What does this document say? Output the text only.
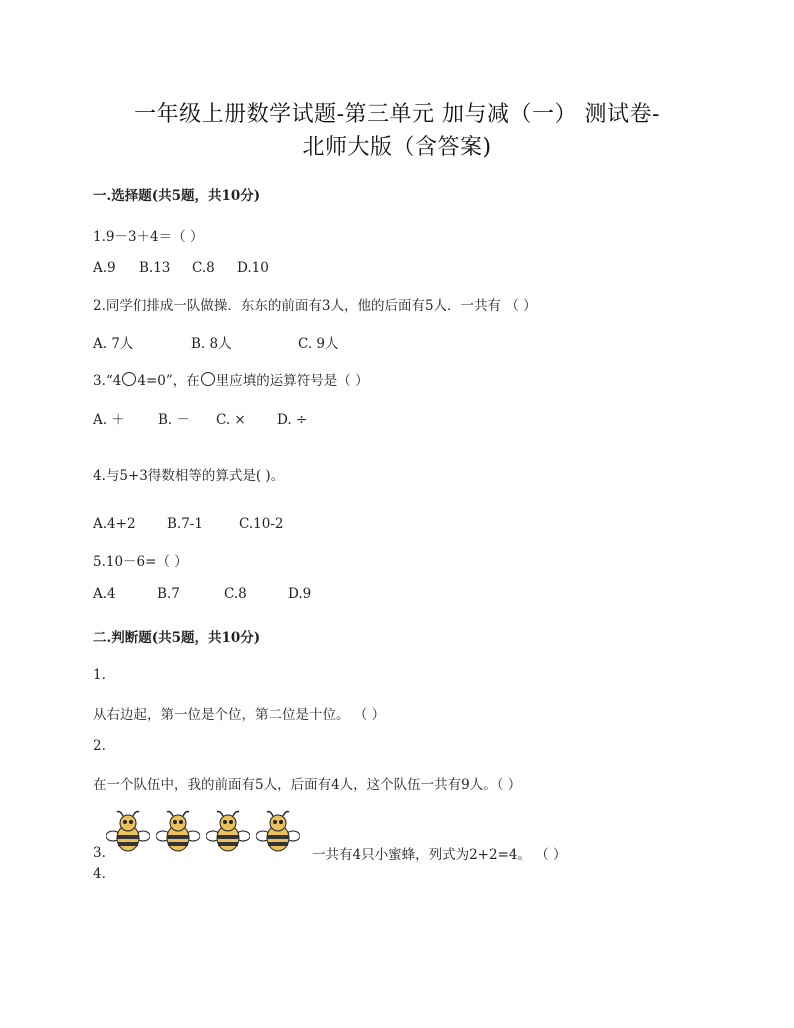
一年级上册数学试题-第三单元 加与减（一） 测试卷-
北师大版（含答案)
一.选择题(共5题，共10分)
1.9－3＋4＝（ ）
A.9 B.13 C.8 D.10
2.同学们排成一队做操．东东的前面有3人，他的后面有5人．一共有 （ ）
A. 7人	B. 8人	C. 9人
3.“4 4=0”，在 里应填的运算符号是（ ）
A. ＋ B. － C. × D. ÷
4.与5+3得数相等的算式是( )。
A.4+2 B.7-1	C.10-2
5.10－6=（ ）
A.4	B.7	C.8	D.9
二.判断题(共5题，共10分)
1.
从右边起，第一位是个位，第二位是十位。 （ ）
2.
在一个队伍中，我的前面有5人，后面有4人，这个队伍一共有9人。（ ）
3.	一共有4只小蜜蜂，列式为2+2=4。 （ ）
4.
